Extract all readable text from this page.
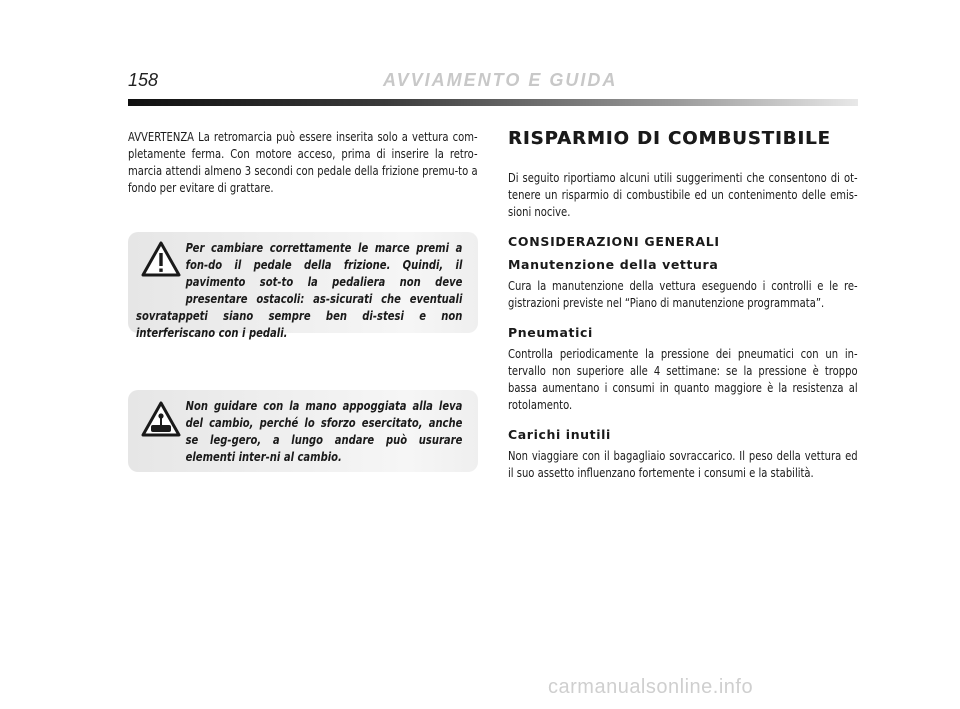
158	AVVIAMENTO E GUIDA

AVVERTENZA La retromarcia può essere inserita solo a vettura com-pletamente ferma. Con motore acceso, prima di inserire la retro-marcia attendi almeno 3 secondi con pedale della frizione premu-to a fondo per evitare di grattare.

Per cambiare correttamente le marce premi a fon-do il pedale della frizione. Quindi, il pavimento sot-to la pedaliera non deve presentare ostacoli: as-sicurati che eventuali sovratappeti siano sempre ben di-stesi e non interferiscano con i pedali.
Non guidare con la mano appoggiata alla leva del cambio, perché lo sforzo esercitato, anche se leg-gero, a lungo andare può usurare elementi inter-ni al cambio.
RISPARMIO DI COMBUSTIBILE

Di seguito riportiamo alcuni utili suggerimenti che consentono di ot-tenere un risparmio di combustibile ed un contenimento delle emis-sioni nocive.

CONSIDERAZIONI GENERALI
Manutenzione della vettura

Cura la manutenzione della vettura eseguendo i controlli e le re-gistrazioni previste nel “Piano di manutenzione programmata”.

Pneumatici

Controlla periodicamente la pressione dei pneumatici con un in-tervallo non superiore alle 4 settimane: se la pressione è troppo bassa aumentano i consumi in quanto maggiore è la resistenza al rotolamento.

Carichi inutili

Non viaggiare con il bagagliaio sovraccarico. Il peso della vettura ed il suo assetto influenzano fortemente i consumi e la stabilità.

carmanualsonline.info
